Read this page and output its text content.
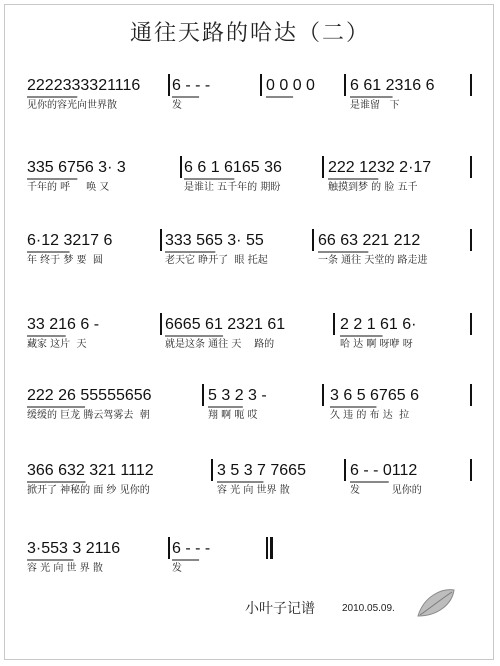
通往天路的哈达（二）
小叶子记谱	2010.05.09.
2222333321116
见你的容光向世界散
6 - - -
发
0 0 0 0 6 61 2316 6
是谁留   下
335 6756 3· 3
千年的 呼     唤 又
6 6 1 6165 36
是谁让 五千年的 期盼
222 1232 2·17
触摸到梦 的 脸 五千
6·12 3217 6
年 终于 梦 要  圆
333 565 3· 55
老天它 睁开了  眼 托起
66 63 221 212
一条 通往 天堂的 路走进
33 216 6 -
藏家 这片  天
6665 61 2321 61
就是这条 通往 天    路的
2 2 1 61 6·
哈 达 啊 呀咿 呀
222 26 55555656
缓缓的 巨龙 腾云驾雾去  朝
5 3 2 3 -
翔 啊 呃 哎
3 6 5 6765 6
久 违 的 布 达  拉
366 632 321 1112
掀开了 神秘的 面 纱 见你的
3 5 3 7 7665
容 光 向 世界 散
6 - - 0112
发          见你的
3·553 3 2116
容 光 向 世 界 散
6 - - -
发
